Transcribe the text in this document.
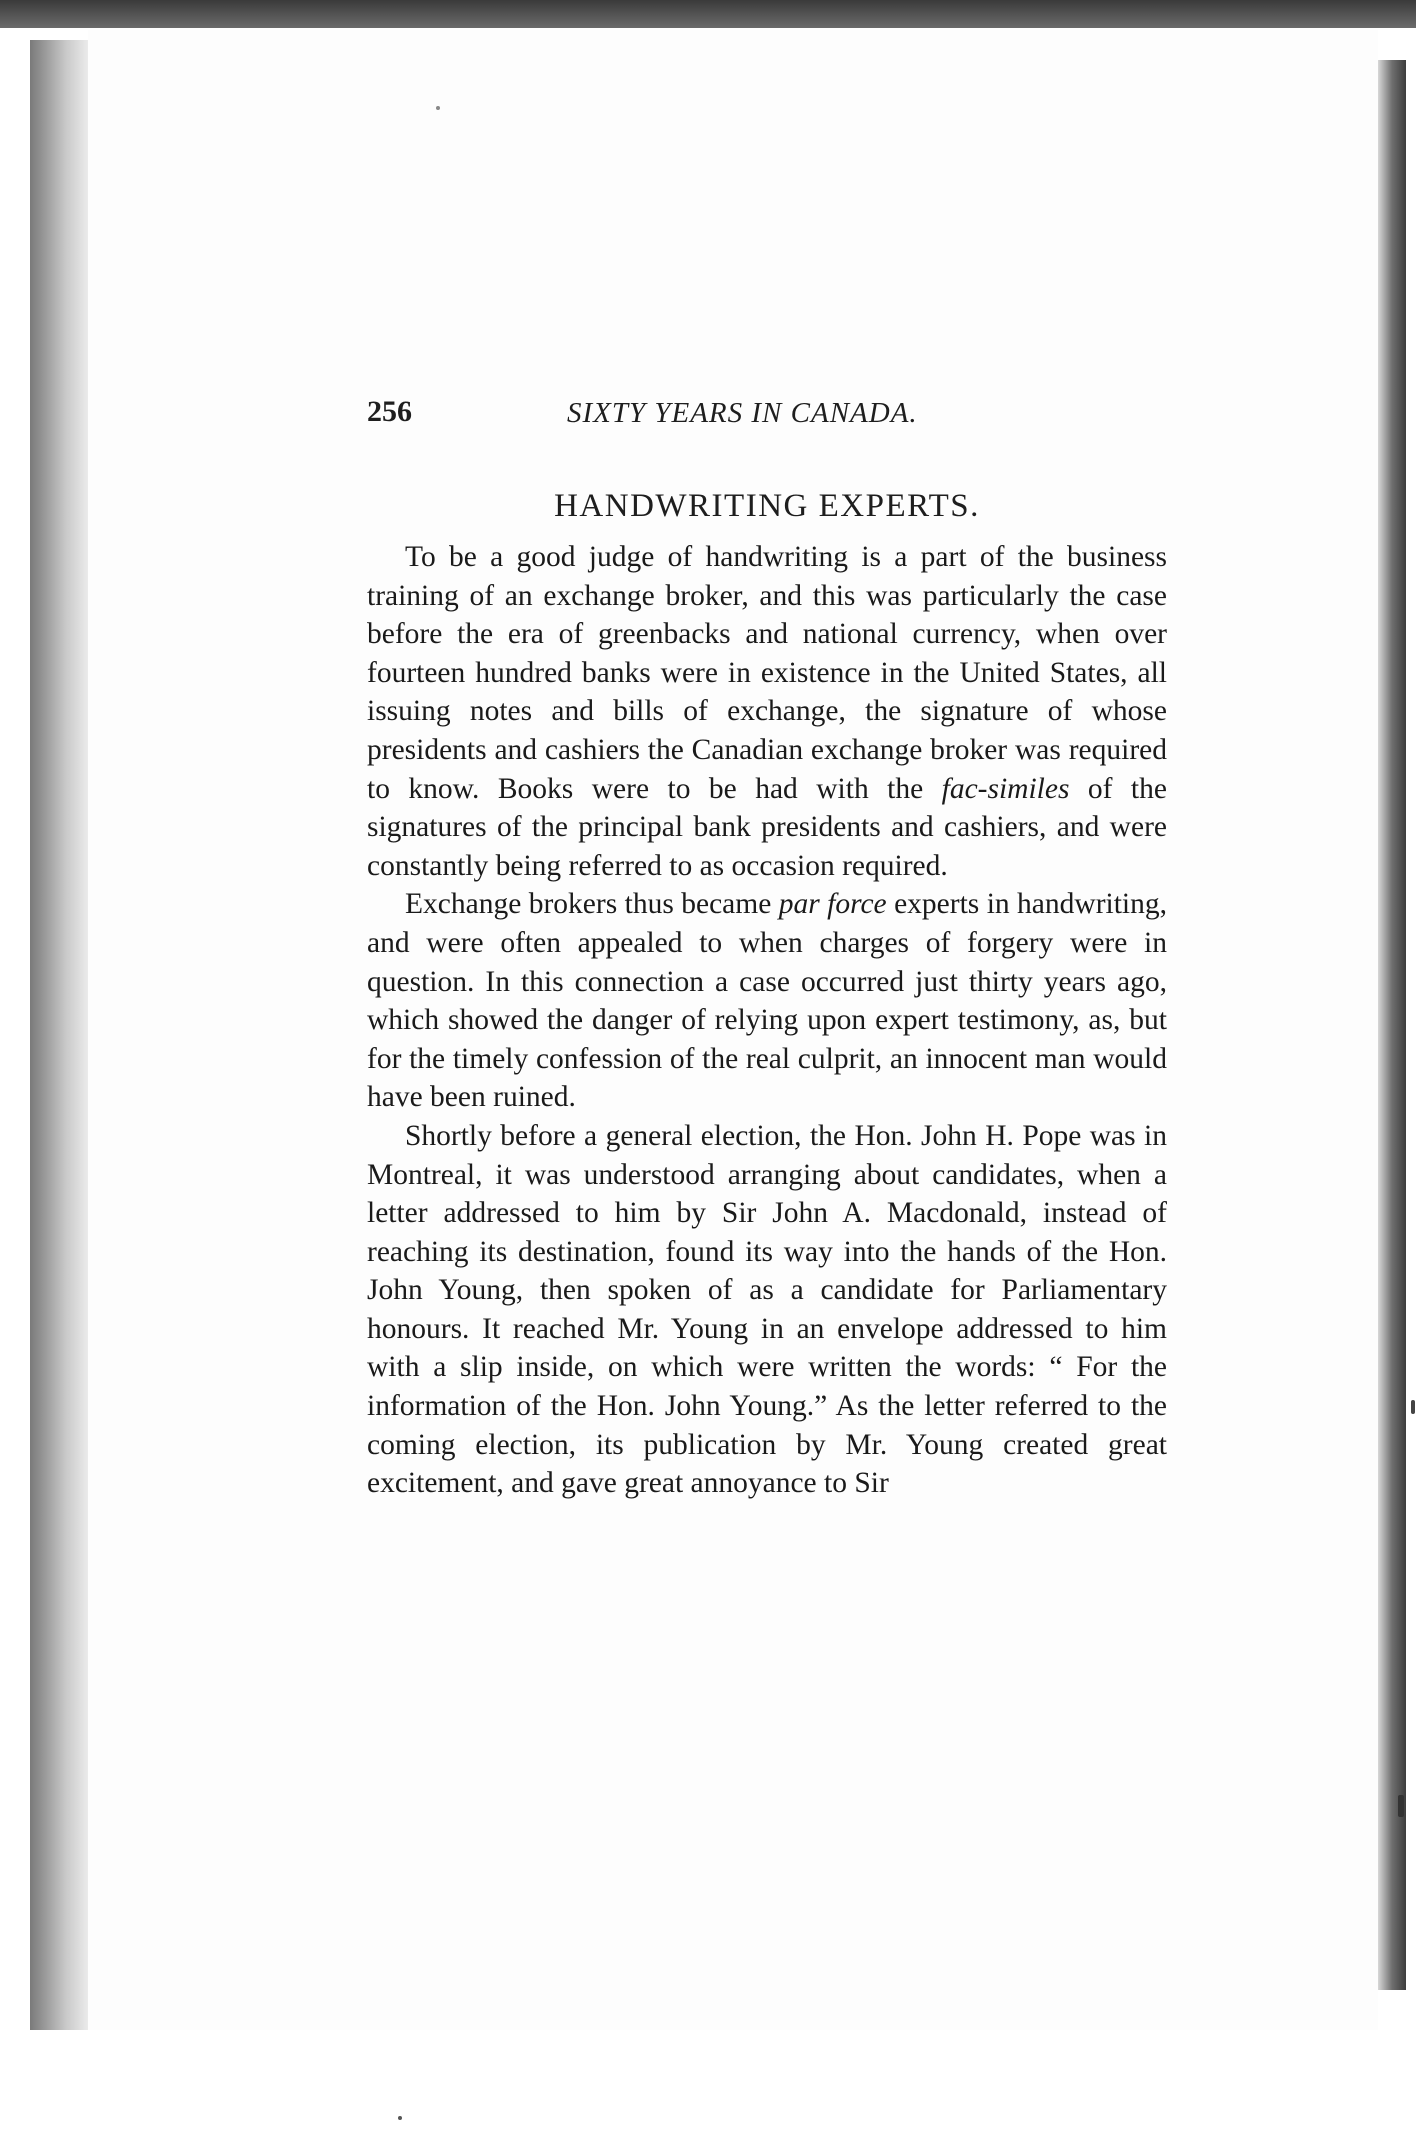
256	SIXTY YEARS IN CANADA.
HANDWRITING EXPERTS.

To be a good judge of handwriting is a part of the business training of an exchange broker, and this was particularly the case before the era of greenbacks and national currency, when over fourteen hundred banks were in existence in the United States, all issuing notes and bills of exchange, the signature of whose presidents and cashiers the Canadian exchange broker was required to know. Books were to be had with the fac-similes of the signatures of the principal bank presidents and cashiers, and were constantly being referred to as occasion required.

Exchange brokers thus became par force experts in handwriting, and were often appealed to when charges of forgery were in question. In this connection a case occurred just thirty years ago, which showed the danger of relying upon expert testimony, as, but for the timely confession of the real culprit, an innocent man would have been ruined.

Shortly before a general election, the Hon. John H. Pope was in Montreal, it was understood arranging about candidates, when a letter addressed to him by Sir John A. Macdonald, instead of reaching its destination, found its way into the hands of the Hon. John Young, then spoken of as a candidate for Parliamentary honours. It reached Mr. Young in an envelope addressed to him with a slip inside, on which were written the words: “ For the information of the Hon. John Young.” As the letter referred to the coming election, its publication by Mr. Young created great excitement, and gave great annoyance to Sir
